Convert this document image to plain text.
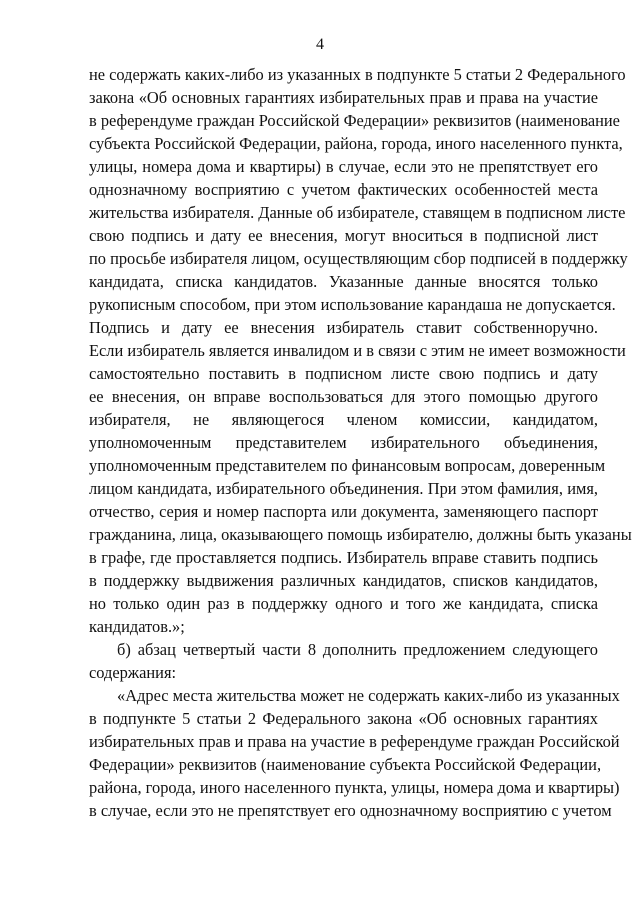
4
не содержать каких-либо из указанных в подпункте 5 статьи 2 Федерального
закона «Об основных гарантиях избирательных прав и права на участие
в референдуме граждан Российской Федерации» реквизитов (наименование
субъекта Российской Федерации, района, города, иного населенного пункта,
улицы, номера дома и квартиры) в случае, если это не препятствует его
однозначному восприятию с учетом фактических особенностей места
жительства избирателя. Данные об избирателе, ставящем в подписном листе
свою подпись и дату ее внесения, могут вноситься в подписной лист
по просьбе избирателя лицом, осуществляющим сбор подписей в поддержку
кандидата, списка кандидатов. Указанные данные вносятся только
рукописным способом, при этом использование карандаша не допускается.
Подпись и дату ее внесения избиратель ставит собственноручно.
Если избиратель является инвалидом и в связи с этим не имеет возможности
самостоятельно поставить в подписном листе свою подпись и дату
ее внесения, он вправе воспользоваться для этого помощью другого
избирателя, не являющегося членом комиссии, кандидатом,
уполномоченным представителем избирательного объединения,
уполномоченным представителем по финансовым вопросам, доверенным
лицом кандидата, избирательного объединения. При этом фамилия, имя,
отчество, серия и номер паспорта или документа, заменяющего паспорт
гражданина, лица, оказывающего помощь избирателю, должны быть указаны
в графе, где проставляется подпись. Избиратель вправе ставить подпись
в поддержку выдвижения различных кандидатов, списков кандидатов,
но только один раз в поддержку одного и того же кандидата, списка
кандидатов.»;
б) абзац четвертый части 8 дополнить предложением следующего
содержания:
«Адрес места жительства может не содержать каких-либо из указанных
в подпункте 5 статьи 2 Федерального закона «Об основных гарантиях
избирательных прав и права на участие в референдуме граждан Российской
Федерации» реквизитов (наименование субъекта Российской Федерации,
района, города, иного населенного пункта, улицы, номера дома и квартиры)
в случае, если это не препятствует его однозначному восприятию с учетом
